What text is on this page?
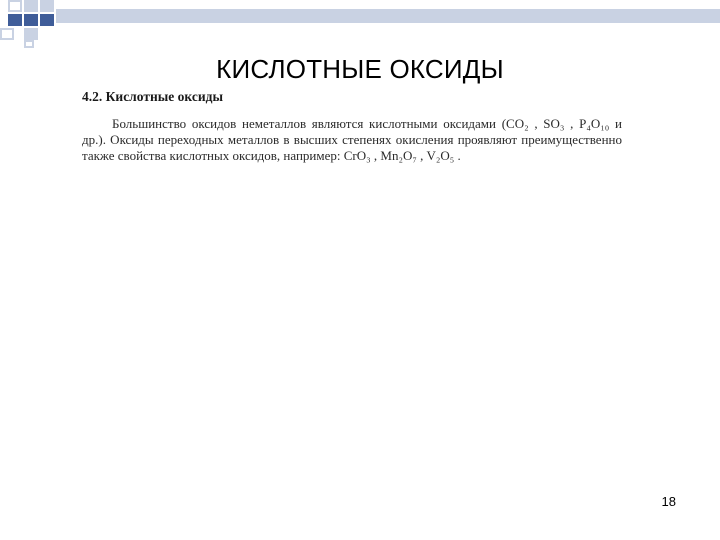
КИСЛОТНЫЕ ОКСИДЫ

4.2. Кислотные оксиды

Большинство оксидов неметаллов являются кислотными оксидами (CO₂ , SO₃ , P₄O₁₀ и др.). Оксиды переходных металлов в высших степенях окисления проявляют преимущественно также свойства кислотных оксидов, например: CrO₃ , Mn₂O₇ , V₂O₅ .

18
